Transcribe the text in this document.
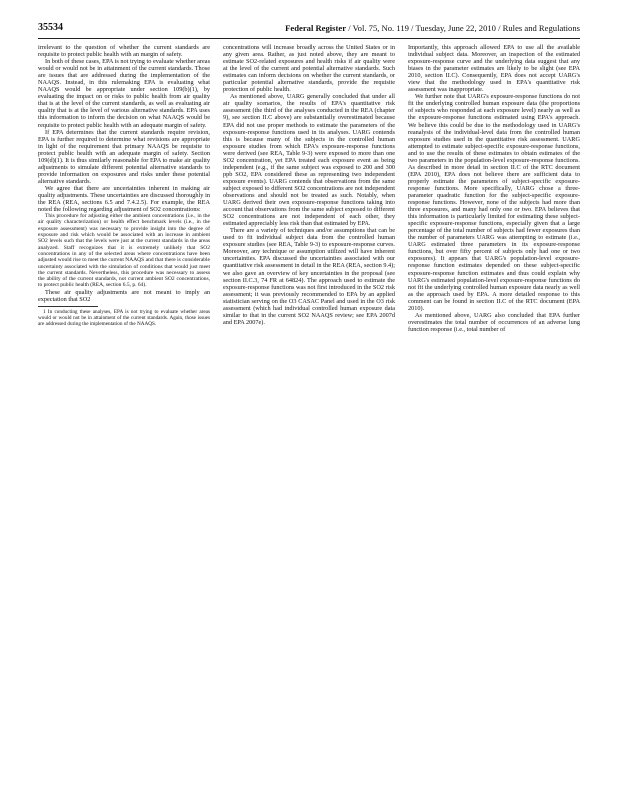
35534	Federal Register / Vol. 75, No. 119 / Tuesday, June 22, 2010 / Rules and Regulations

irrelevant to the question of whether the current standards are requisite to protect public health with an margin of safety.

In both of these cases, EPA is not trying to evaluate whether areas would or would not be in attainment of the current standards. Those are issues that are addressed during the implementation of the NAAQS. Instead, in this rulemaking EPA is evaluating what NAAQS would be appropriate under section 109(b)(1), by evaluating the impact on or risks to public health from air quality that is at the level of the current standards, as well as evaluating air quality that is at the level of various alternative standards. EPA uses this information to inform the decision on what NAAQS would be requisite to protect public health with an adequate margin of safety.

If EPA determines that the current standards require revision, EPA is further required to determine what revisions are appropriate in light of the requirement that primary NAAQS be requisite to protect public health with an adequate margin of safety. Section 109(d)(1). It is thus similarly reasonable for EPA to make air quality adjustments to simulate different potential alternative standards to provide information on exposures and risks under these potential alternative standards.

We agree that there are uncertainties inherent in making air quality adjustments. These uncertainties are discussed thoroughly in the REA (REA, sections 6.5 and 7.4.2.5). For example, the REA noted the following regarding adjustment of SO2 concentrations:

This procedure for adjusting either the ambient concentrations (i.e., in the air quality characterization) or health effect benchmark levels (i.e., in the exposure assessment) was necessary to provide insight into the degree of exposure and risk which would be associated with an increase in ambient SO2 levels such that the levels were just at the current standards in the areas analyzed. Staff recognizes that it is extremely unlikely that SO2 concentrations in any of the selected areas where concentrations have been adjusted would rise to meet the current NAAQS and that there is considerable uncertainty associated with the simulation of conditions that would just meet the current standards. Nevertheless, this procedure was necessary to assess the ability of the current standards, not current ambient SO2 concentrations, to protect public health (REA, section 6.5, p. 64).

These air quality adjustments are not meant to imply an expectation that SO2

1 In conducting these analyses, EPA is not trying to evaluate whether areas would or would not be in attainment of the current standards. Again, those issues are addressed during the implementation of the NAAQS.

concentrations will increase broadly across the United States or in any given area. Rather, as just noted above, they are meant to estimate SO2-related exposures and health risks if air quality were at the level of the current and potential alternative standards. Such estimates can inform decisions on whether the current standards, or particular potential alternative standards, provide the requisite protection of public health.

As mentioned above, UARG generally concluded that under all air quality scenarios, the results of EPA's quantitative risk assessment (the third of the analyses conducted in the REA (chapter 9), see section II.C above) are substantially overestimated because EPA did not use proper methods to estimate the parameters of the exposure-response functions used in its analyses. UARG contends this is because many of the subjects in the controlled human exposure studies from which EPA's exposure-response functions were derived (see REA, Table 9-3) were exposed to more than one SO2 concentration, yet EPA treated each exposure event as being independent (e.g., if the same subject was exposed to 200 and 300 ppb SO2, EPA considered these as representing two independent exposure events). UARG contends that observations from the same subject exposed to different SO2 concentrations are not independent observations and should not be treated as such. Notably, when UARG derived their own exposure-response functions taking into account that observations from the same subject exposed to different SO2 concentrations are not independent of each other, they estimated appreciably less risk than that estimated by EPA.

There are a variety of techniques and/or assumptions that can be used to fit individual subject data from the controlled human exposure studies (see REA, Table 9-3) to exposure-response curves. Moreover, any technique or assumption utilized will have inherent uncertainties. EPA discussed the uncertainties associated with our quantitative risk assessment in detail in the REA (REA, section 9.4); we also gave an overview of key uncertainties in the proposal (see section II.C.3, 74 FR at 64824). The approach used to estimate the exposure-response functions was not first introduced in the SO2 risk assessment; it was previously recommended to EPA by an applied statistician serving on the O3 CASAC Panel and used in the O3 risk assessment (which had individual controlled human exposure data similar to that in the current SO2 NAAQS review; see EPA 2007d and EPA 2007e).

Importantly, this approach allowed EPA to use all the available individual subject data. Moreover, an inspection of the estimated exposure-response curve and the underlying data suggest that any biases in the parameter estimates are likely to be slight (see EPA 2010, section II.C). Consequently, EPA does not accept UARG's view that the methodology used in EPA's quantitative risk assessment was inappropriate.

We further note that UARG's exposure-response functions do not fit the underlying controlled human exposure data (the proportions of subjects who responded at each exposure level) nearly as well as the exposure-response functions estimated using EPA's approach. We believe this could be due to the methodology used in UARG's reanalysis of the individual-level data from the controlled human exposure studies used in the quantitative risk assessment. UARG attempted to estimate subject-specific exposure-response functions, and to use the results of these estimates to obtain estimates of the two parameters in the population-level exposure-response functions. As described in more detail in section II.C of the RTC document (EPA 2010), EPA does not believe there are sufficient data to properly estimate the parameters of subject-specific exposure-response functions. More specifically, UARG chose a three-parameter quadratic function for the subject-specific exposure-response functions. However, none of the subjects had more than three exposures, and many had only one or two. EPA believes that this information is particularly limited for estimating these subject-specific exposure-response functions, especially given that a large percentage of the total number of subjects had fewer exposures than the number of parameters UARG was attempting to estimate (i.e., UARG estimated three parameters in its exposure-response functions, but over fifty percent of subjects only had one or two exposures). It appears that UARG's population-level exposure-response function estimates depended on these subject-specific exposure-response function estimates and thus could explain why UARG's estimated population-level exposure-response functions do not fit the underlying controlled human exposure data nearly as well as the approach used by EPA. A more detailed response to this comment can be found in section II.C of the RTC document (EPA 2010).

As mentioned above, UARG also concluded that EPA further overestimates the total number of occurrences of an adverse lung function response (i.e., total number of
